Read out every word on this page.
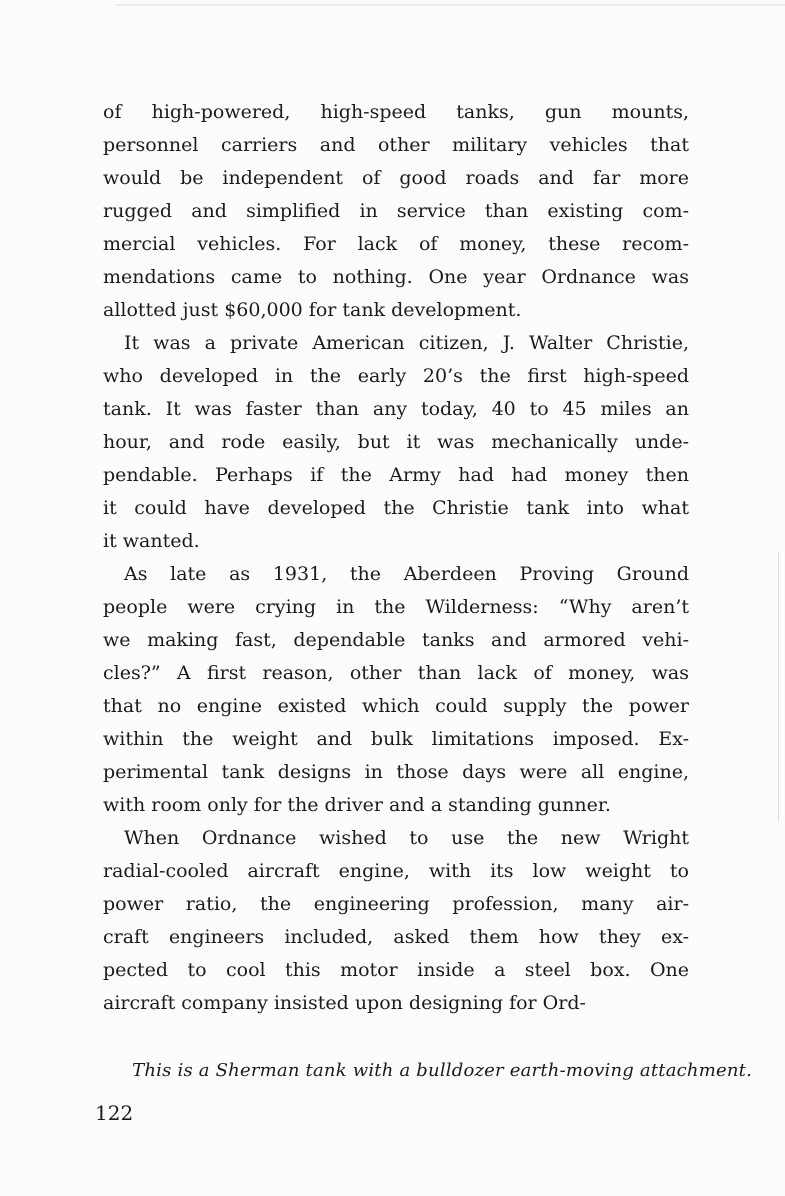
of high-powered, high-speed tanks, gun mounts,
personnel carriers and other military vehicles that
would be independent of good roads and far more
rugged and simplified in service than existing com-
mercial vehicles. For lack of money, these recom-
mendations came to nothing. One year Ordnance was
allotted just $60,000 for tank development.
It was a private American citizen, J. Walter Christie,
who developed in the early 20’s the first high-speed
tank. It was faster than any today, 40 to 45 miles an
hour, and rode easily, but it was mechanically unde-
pendable. Perhaps if the Army had had money then
it could have developed the Christie tank into what
it wanted.
As late as 1931, the Aberdeen Proving Ground
people were crying in the Wilderness: “Why aren’t
we making fast, dependable tanks and armored vehi-
cles?” A first reason, other than lack of money, was
that no engine existed which could supply the power
within the weight and bulk limitations imposed. Ex-
perimental tank designs in those days were all engine,
with room only for the driver and a standing gunner.
When Ordnance wished to use the new Wright
radial-cooled aircraft engine, with its low weight to
power ratio, the engineering profession, many air-
craft engineers included, asked them how they ex-
pected to cool this motor inside a steel box. One
aircraft company insisted upon designing for Ord-
This is a Sherman tank with a bulldozer earth-moving attachment.
122
